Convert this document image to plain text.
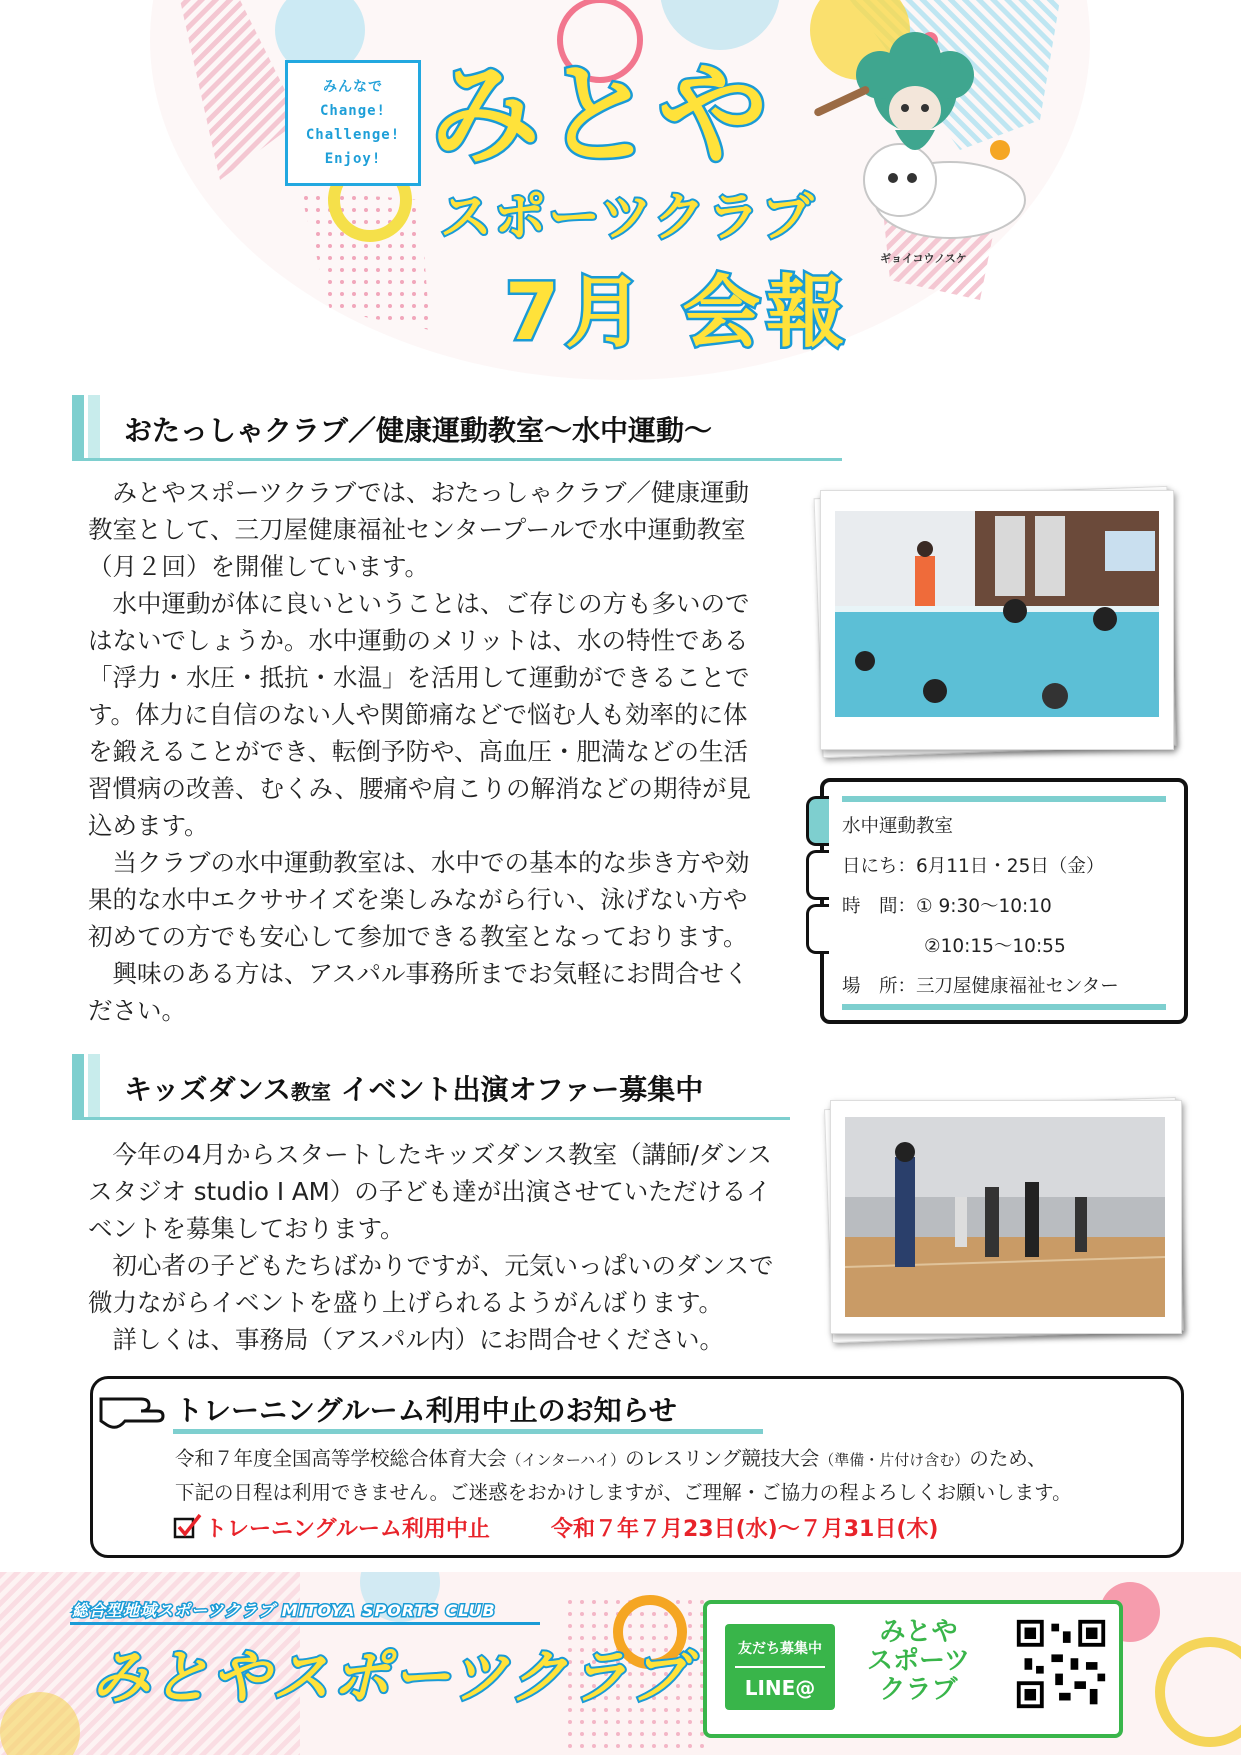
みんなで
Change!
Challenge!
Enjoy! みとや
スポーツクラブ
7月 会報
ギョイコウノスケ
おたっしゃクラブ／健康運動教室～水中運動～

みとやスポーツクラブでは、おたっしゃクラブ／健康運動教室として、三刀屋健康福祉センタープールで水中運動教室（月２回）を開催しています。

水中運動が体に良いということは、ご存じの方も多いのではないでしょうか。水中運動のメリットは、水の特性である「浮力・水圧・抵抗・水温」を活用して運動ができることです。体力に自信のない人や関節痛などで悩む人も効率的に体を鍛えることができ、転倒予防や、高血圧・肥満などの生活習慣病の改善、むくみ、腰痛や肩こりの解消などの期待が見込めます。

当クラブの水中運動教室は、水中での基本的な歩き方や効果的な水中エクササイズを楽しみながら行い、泳げない方や初めての方でも安心して参加できる教室となっております。

興味のある方は、アスパル事務所までお気軽にお問合せください。

水中運動教室
日にち：6月11日・25日（金）
時　間：① 9:30～10:10
②10:15～10:55
場　所：三刀屋健康福祉センター
キッズダンス教室 イベント出演オファー募集中

今年の4月からスタートしたキッズダンス教室（講師/ダンススタジオ studio I AM）の子ども達が出演させていただけるイベントを募集しております。

初心者の子どもたちばかりですが、元気いっぱいのダンスで微力ながらイベントを盛り上げられるようがんばります。

詳しくは、事務局（アスパル内）にお問合せください。

トレーニングルーム利用中止のお知らせ
令和７年度全国高等学校総合体育大会（インターハイ）のレスリング競技大会（準備・片付け含む）のため、
下記の日程は利用できません。ご迷惑をおかけしますが、ご理解・ご協力の程よろしくお願いします。
トレーニングルーム利用中止	令和７年７月23日(水)～７月31日(木)
総合型地域スポーツクラブ MITOYA SPORTS CLUB
みとやスポーツクラブ	友だち募集中
LINE@
みとや
スポーツ
クラブ
